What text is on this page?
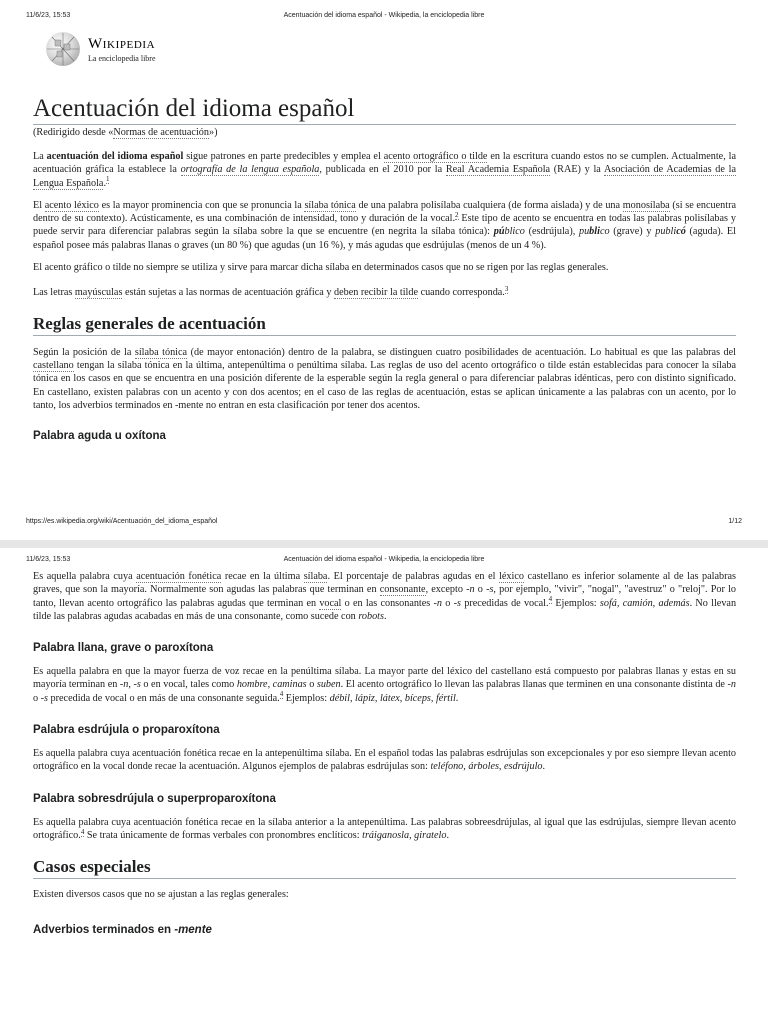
11/6/23, 15:53	Acentuación del idioma español - Wikipedia, la enciclopedia libre
Wikipedia
La enciclopedia libre
Acentuación del idioma español
(Redirigido desde «Normas de acentuación»)

La acentuación del idioma español sigue patrones en parte predecibles y emplea el acento ortográfico o tilde en la escritura cuando estos no se cumplen. Actualmente, la acentuación gráfica la establece la ortografía de la lengua española, publicada en el 2010 por la Real Academia Española (RAE) y la Asociación de Academias de la Lengua Española.$^1$

El acento léxico es la mayor prominencia con que se pronuncia la sílaba tónica de una palabra polisílaba cualquiera (de forma aislada) y de una monosílaba (si se encuentra dentro de su contexto). Acústicamente, es una combinación de intensidad, tono y duración de la vocal.$^2$ Este tipo de acento se encuentra en todas las palabras polisílabas y puede servir para diferenciar palabras según la sílaba sobre la que se encuentre (en negrita la sílaba tónica): público (esdrújula), publico (grave) y publicó (aguda). El español posee más palabras llanas o graves (un 80 %) que agudas (un 16 %), y más agudas que esdrújulas (menos de un 4 %).

El acento gráfico o tilde no siempre se utiliza y sirve para marcar dicha sílaba en determinados casos que no se rigen por las reglas generales.

Las letras mayúsculas están sujetas a las normas de acentuación gráfica y deben recibir la tilde cuando corresponda.$^3$

Reglas generales de acentuación

Según la posición de la sílaba tónica (de mayor entonación) dentro de la palabra, se distinguen cuatro posibilidades de acentuación. Lo habitual es que las palabras del castellano tengan la sílaba tónica en la última, antepenúltima o penúltima sílaba. Las reglas de uso del acento ortográfico o tilde están establecidas para conocer la sílaba tónica en los casos en que se encuentra en una posición diferente de la esperable según la regla general o para diferenciar palabras idénticas, pero con distinto significado. En castellano, existen palabras con un acento y con dos acentos; en el caso de las reglas de acentuación, estas se aplican únicamente a las palabras con un acento, por lo tanto, los adverbios terminados en -mente no entran en esta clasificación por tener dos acentos.

Palabra aguda u oxítona
https://es.wikipedia.org/wiki/Acentuación_del_idioma_español	1/12
11/6/23, 15:53	Acentuación del idioma español - Wikipedia, la enciclopedia libre

Es aquella palabra cuya acentuación fonética recae en la última sílaba. El porcentaje de palabras agudas en el léxico castellano es inferior solamente al de las palabras graves, que son la mayoría. Normalmente son agudas las palabras que terminan en consonante, excepto -n o -s, por ejemplo, "vivir", "nogal", "avestruz" o "reloj". Por lo tanto, llevan acento ortográfico las palabras agudas que terminan en vocal o en las consonantes -n o -s precedidas de vocal.$^4$ Ejemplos: sofá, camión, además. No llevan tilde las palabras agudas acabadas en más de una consonante, como sucede con robots.

Palabra llana, grave o paroxítona

Es aquella palabra en que la mayor fuerza de voz recae en la penúltima sílaba. La mayor parte del léxico del castellano está compuesto por palabras llanas y estas en su mayoría terminan en -n, -s o en vocal, tales como hombre, caminas o suben. El acento ortográfico lo llevan las palabras llanas que terminen en una consonante distinta de -n o -s precedida de vocal o en más de una consonante seguida.$^4$ Ejemplos: débil, lápiz, látex, bíceps, fértil.

Palabra esdrújula o proparoxítona

Es aquella palabra cuya acentuación fonética recae en la antepenúltima sílaba. En el español todas las palabras esdrújulas son excepcionales y por eso siempre llevan acento ortográfico en la vocal donde recae la acentuación. Algunos ejemplos de palabras esdrújulas son: teléfono, árboles, esdrújulo.

Palabra sobresdrújula o superproparoxítona

Es aquella palabra cuya acentuación fonética recae en la sílaba anterior a la antepenúltima. Las palabras sobreesdrújulas, al igual que las esdrújulas, siempre llevan acento ortográfico.$^4$ Se trata únicamente de formas verbales con pronombres enclíticos: tráiganosla, giratelo.

Casos especiales

Existen diversos casos que no se ajustan a las reglas generales:

Adverbios terminados en -mente
